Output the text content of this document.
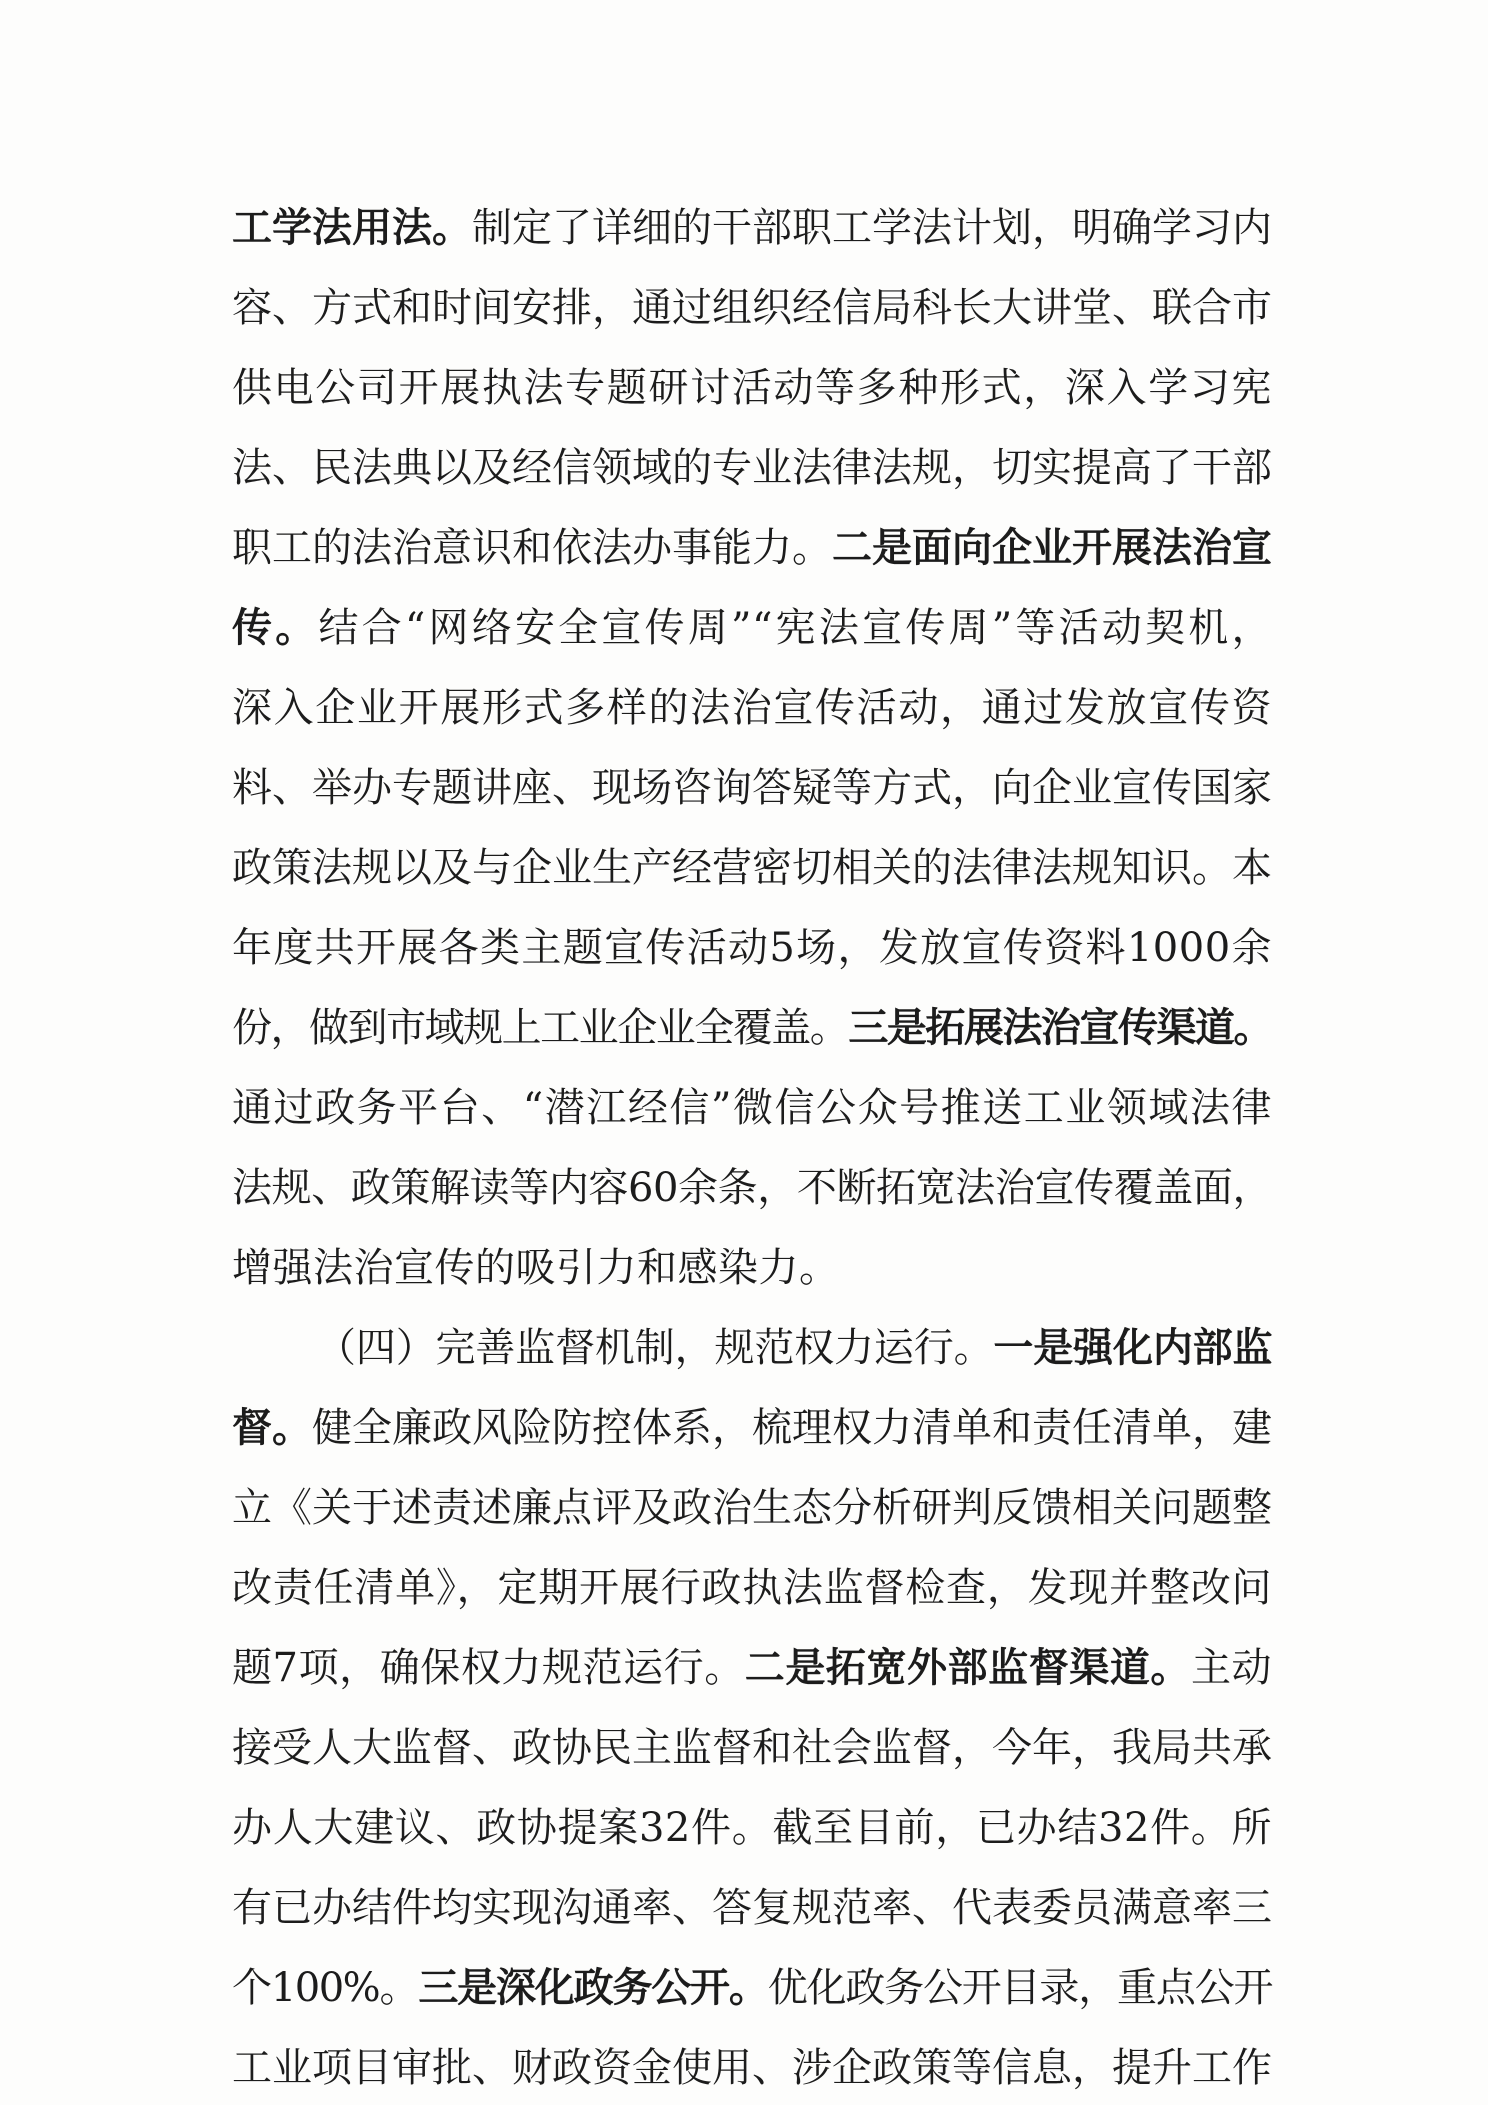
工学法用法。制定了详细的干部职工学法计划，明确学习内
容、方式和时间安排，通过组织经信局科长大讲堂、联合市
供电公司开展执法专题研讨活动等多种形式，深入学习宪
法、民法典以及经信领域的专业法律法规，切实提高了干部
职工的法治意识和依法办事能力。二是面向企业开展法治宣
传。结合“网络安全宣传周”“宪法宣传周”等活动契机，
深入企业开展形式多样的法治宣传活动，通过发放宣传资
料、举办专题讲座、现场咨询答疑等方式，向企业宣传国家
政策法规以及与企业生产经营密切相关的法律法规知识。本
年度共开展各类主题宣传活动5场，发放宣传资料1000余
份，做到市域规上工业企业全覆盖。三是拓展法治宣传渠道。
通过政务平台、“潜江经信”微信公众号推送工业领域法律
法规、政策解读等内容60余条，不断拓宽法治宣传覆盖面，
增强法治宣传的吸引力和感染力。
（四）完善监督机制，规范权力运行。一是强化内部监
督。健全廉政风险防控体系，梳理权力清单和责任清单，建
立《关于述责述廉点评及政治生态分析研判反馈相关问题整
改责任清单》，定期开展行政执法监督检查，发现并整改问
题7项，确保权力规范运行。二是拓宽外部监督渠道。主动
接受人大监督、政协民主监督和社会监督，今年，我局共承
办人大建议、政协提案32件。截至目前，已办结32件。所
有已办结件均实现沟通率、答复规范率、代表委员满意率三
个100%。三是深化政务公开。优化政务公开目录，重点公开
工业项目审批、财政资金使用、涉企政策等信息，提升工作
